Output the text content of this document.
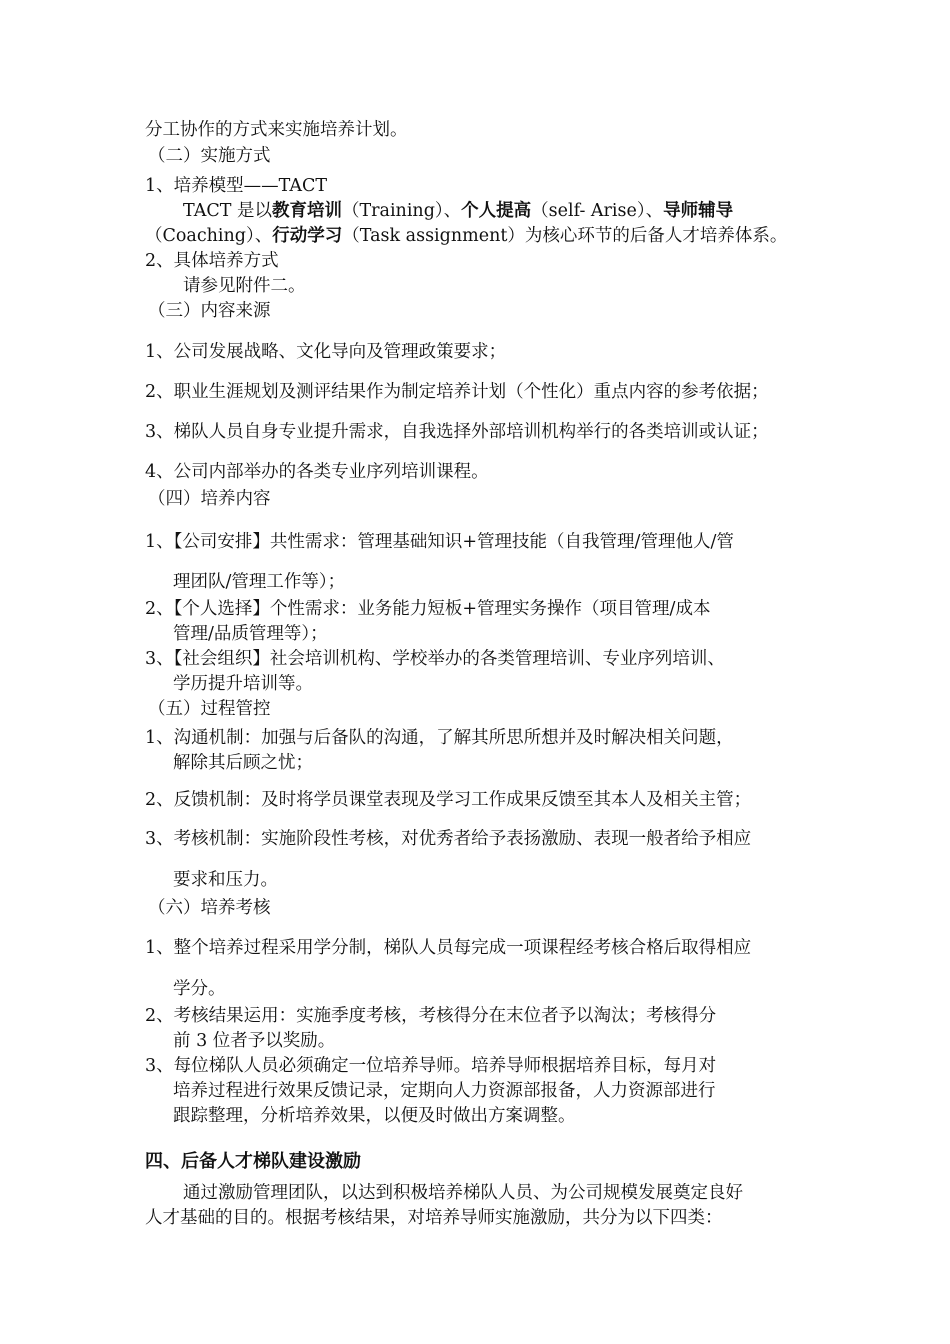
分工协作的方式来实施培养计划。
（二）实施方式
1、培养模型——TACT
TACT 是以教育培训（Training）、个人提高（self- Arise）、导师辅导
（Coaching）、行动学习（Task assignment）为核心环节的后备人才培养体系。
2、具体培养方式
请参见附件二。
（三）内容来源
1、公司发展战略、文化导向及管理政策要求；
2、职业生涯规划及测评结果作为制定培养计划（个性化）重点内容的参考依据；
3、梯队人员自身专业提升需求，自我选择外部培训机构举行的各类培训或认证；
4、公司内部举办的各类专业序列培训课程。
（四）培养内容
1、【公司安排】共性需求：管理基础知识+管理技能（自我管理/管理他人/管
理团队/管理工作等）；
2、【个人选择】个性需求：业务能力短板+管理实务操作（项目管理/成本
管理/品质管理等）；
3、【社会组织】社会培训机构、学校举办的各类管理培训、专业序列培训、
学历提升培训等。
（五）过程管控
1、沟通机制：加强与后备队的沟通，了解其所思所想并及时解决相关问题，
解除其后顾之忧；
2、反馈机制：及时将学员课堂表现及学习工作成果反馈至其本人及相关主管；
3、考核机制：实施阶段性考核，对优秀者给予表扬激励、表现一般者给予相应
要求和压力。
（六）培养考核
1、整个培养过程采用学分制，梯队人员每完成一项课程经考核合格后取得相应
学分。
2、考核结果运用：实施季度考核，考核得分在末位者予以淘汰；考核得分
前 3 位者予以奖励。
3、每位梯队人员必须确定一位培养导师。培养导师根据培养目标，每月对
培养过程进行效果反馈记录，定期向人力资源部报备，人力资源部进行
跟踪整理，分析培养效果，以便及时做出方案调整。
四、后备人才梯队建设激励
通过激励管理团队，以达到积极培养梯队人员、为公司规模发展奠定良好
人才基础的目的。根据考核结果，对培养导师实施激励，共分为以下四类：
